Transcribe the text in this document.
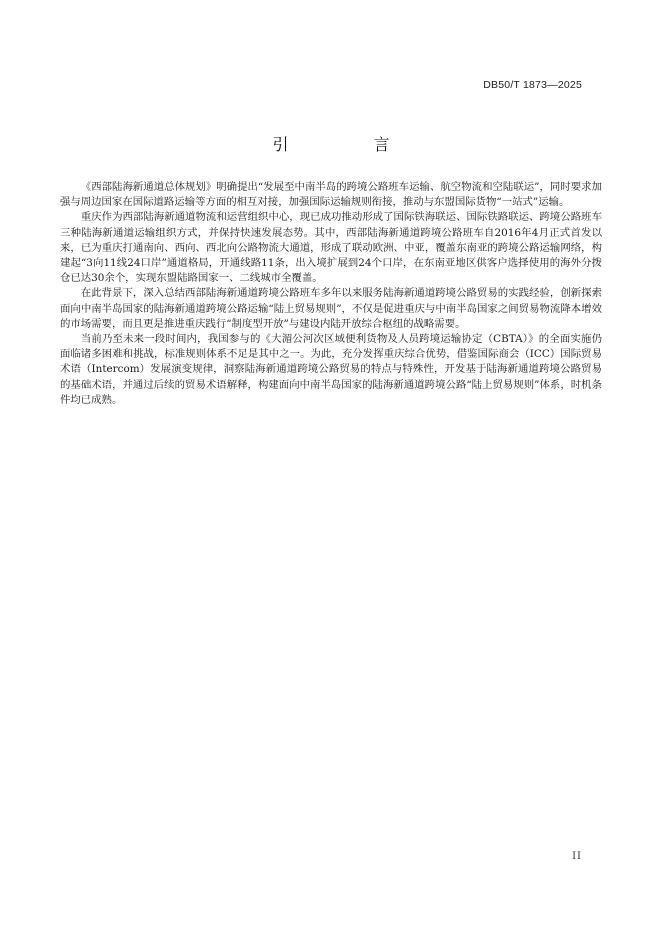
DB50/T 1873—2025
引 言

《西部陆海新通道总体规划》明确提出“发展至中南半岛的跨境公路班车运输、航空物流和空陆联运”，同时要求加强与周边国家在国际道路运输等方面的相互对接，加强国际运输规则衔接，推动与东盟国际货物“一站式”运输。

重庆作为西部陆海新通道物流和运营组织中心，现已成功推动形成了国际铁海联运、国际铁路联运、跨境公路班车三种陆海新通道运输组织方式，并保持快速发展态势。其中，西部陆海新通道跨境公路班车自2016年4月正式首发以来，已为重庆打通南向、西向、西北向公路物流大通道，形成了联动欧洲、中亚，覆盖东南亚的跨境公路运输网络，构建起“3向11线24口岸”通道格局，开通线路11条，出入境扩展到24个口岸，在东南亚地区供客户选择使用的海外分拨仓已达30余个，实现东盟陆路国家一、二线城市全覆盖。

在此背景下，深入总结西部陆海新通道跨境公路班车多年以来服务陆海新通道跨境公路贸易的实践经验，创新探索面向中南半岛国家的陆海新通道跨境公路运输“陆上贸易规则”，不仅是促进重庆与中南半岛国家之间贸易物流降本增效的市场需要，而且更是推进重庆践行“制度型开放”与建设内陆开放综合枢纽的战略需要。

当前乃至未来一段时间内，我国参与的《大湄公河次区域便利货物及人员跨境运输协定（CBTA）》的全面实施仍面临诸多困难和挑战，标准规则体系不足是其中之一。为此，充分发挥重庆综合优势，借鉴国际商会（ICC）国际贸易术语（Intercom）发展演变规律，洞察陆海新通道跨境公路贸易的特点与特殊性，开发基于陆海新通道跨境公路贸易的基础术语，并通过后续的贸易术语解释，构建面向中南半岛国家的陆海新通道跨境公路“陆上贸易规则”体系，时机条件均已成熟。

II
